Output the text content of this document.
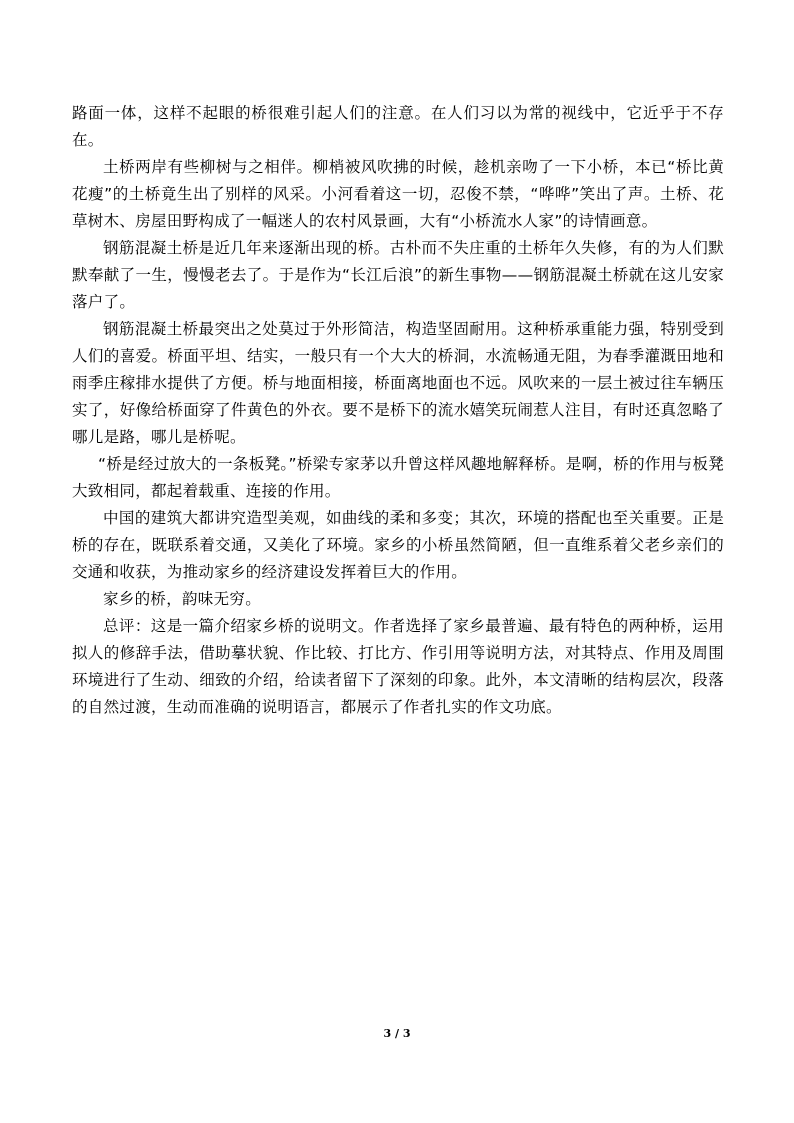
路面一体，这样不起眼的桥很难引起人们的注意。在人们习以为常的视线中，它近乎于不存在。

土桥两岸有些柳树与之相伴。柳梢被风吹拂的时候，趁机亲吻了一下小桥，本已“桥比黄花瘦”的土桥竟生出了别样的风采。小河看着这一切，忍俊不禁，“哗哗”笑出了声。土桥、花草树木、房屋田野构成了一幅迷人的农村风景画，大有“小桥流水人家”的诗情画意。

钢筋混凝土桥是近几年来逐渐出现的桥。古朴而不失庄重的土桥年久失修，有的为人们默默奉献了一生，慢慢老去了。于是作为“长江后浪”的新生事物——钢筋混凝土桥就在这儿安家落户了。

钢筋混凝土桥最突出之处莫过于外形简洁，构造坚固耐用。这种桥承重能力强，特别受到人们的喜爱。桥面平坦、结实，一般只有一个大大的桥洞，水流畅通无阻，为春季灌溉田地和雨季庄稼排水提供了方便。桥与地面相接，桥面离地面也不远。风吹来的一层土被过往车辆压实了，好像给桥面穿了件黄色的外衣。要不是桥下的流水嬉笑玩闹惹人注目，有时还真忽略了哪儿是路，哪儿是桥呢。

“桥是经过放大的一条板凳。”桥梁专家茅以升曾这样风趣地解释桥。是啊，桥的作用与板凳大致相同，都起着载重、连接的作用。

中国的建筑大都讲究造型美观，如曲线的柔和多变；其次，环境的搭配也至关重要。正是桥的存在，既联系着交通，又美化了环境。家乡的小桥虽然简陋，但一直维系着父老乡亲们的交通和收获，为推动家乡的经济建设发挥着巨大的作用。

家乡的桥，韵味无穷。

总评：这是一篇介绍家乡桥的说明文。作者选择了家乡最普遍、最有特色的两种桥，运用拟人的修辞手法，借助摹状貌、作比较、打比方、作引用等说明方法，对其特点、作用及周围环境进行了生动、细致的介绍，给读者留下了深刻的印象。此外，本文清晰的结构层次，段落的自然过渡，生动而准确的说明语言，都展示了作者扎实的作文功底。

3 / 3
